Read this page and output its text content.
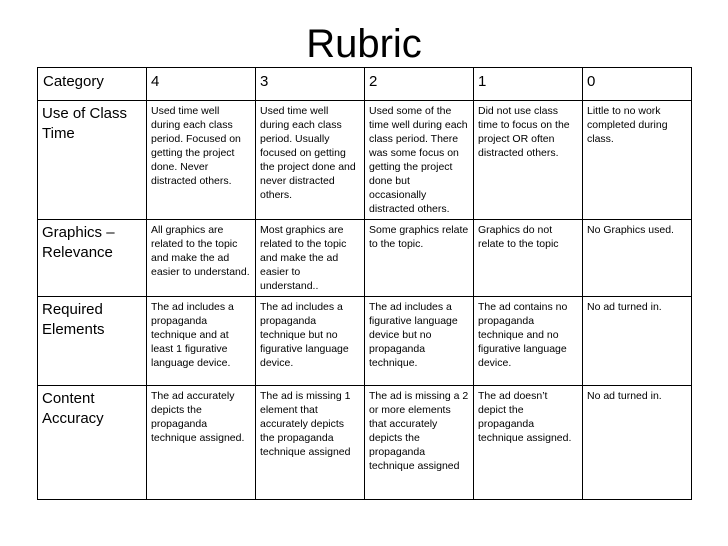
Rubric
Category	4	3	2	1	0
Use of Class Time	Used time well during each class period. Focused on getting the project done. Never distracted others.	Used time well during each class period. Usually focused on getting the project done and never distracted others.	Used some of the time well during each class period. There was some focus on getting the project done but occasionally distracted others.	Did not use class time to focus on the project OR often distracted others.	Little to no work completed during class.
Graphics – Relevance	All graphics are related to the topic and make the ad easier to understand.	Most graphics are related to the topic and make the ad easier to understand..	Some graphics relate to the topic.	Graphics do not relate to the topic	No Graphics used.
Required Elements	The ad includes a propaganda technique and at least 1 figurative language device.	The ad includes a propaganda technique but no figurative language device.	The ad includes a figurative language device but no propaganda technique.	The ad contains no propaganda technique and no figurative language device.	No ad turned in.
Content Accuracy	The ad accurately depicts the propaganda technique assigned.	The ad is missing 1 element that accurately depicts the propaganda technique assigned	The ad is missing a 2 or more elements that accurately depicts the propaganda technique assigned	The ad doesn’t depict the propaganda technique assigned.	No ad turned in.
